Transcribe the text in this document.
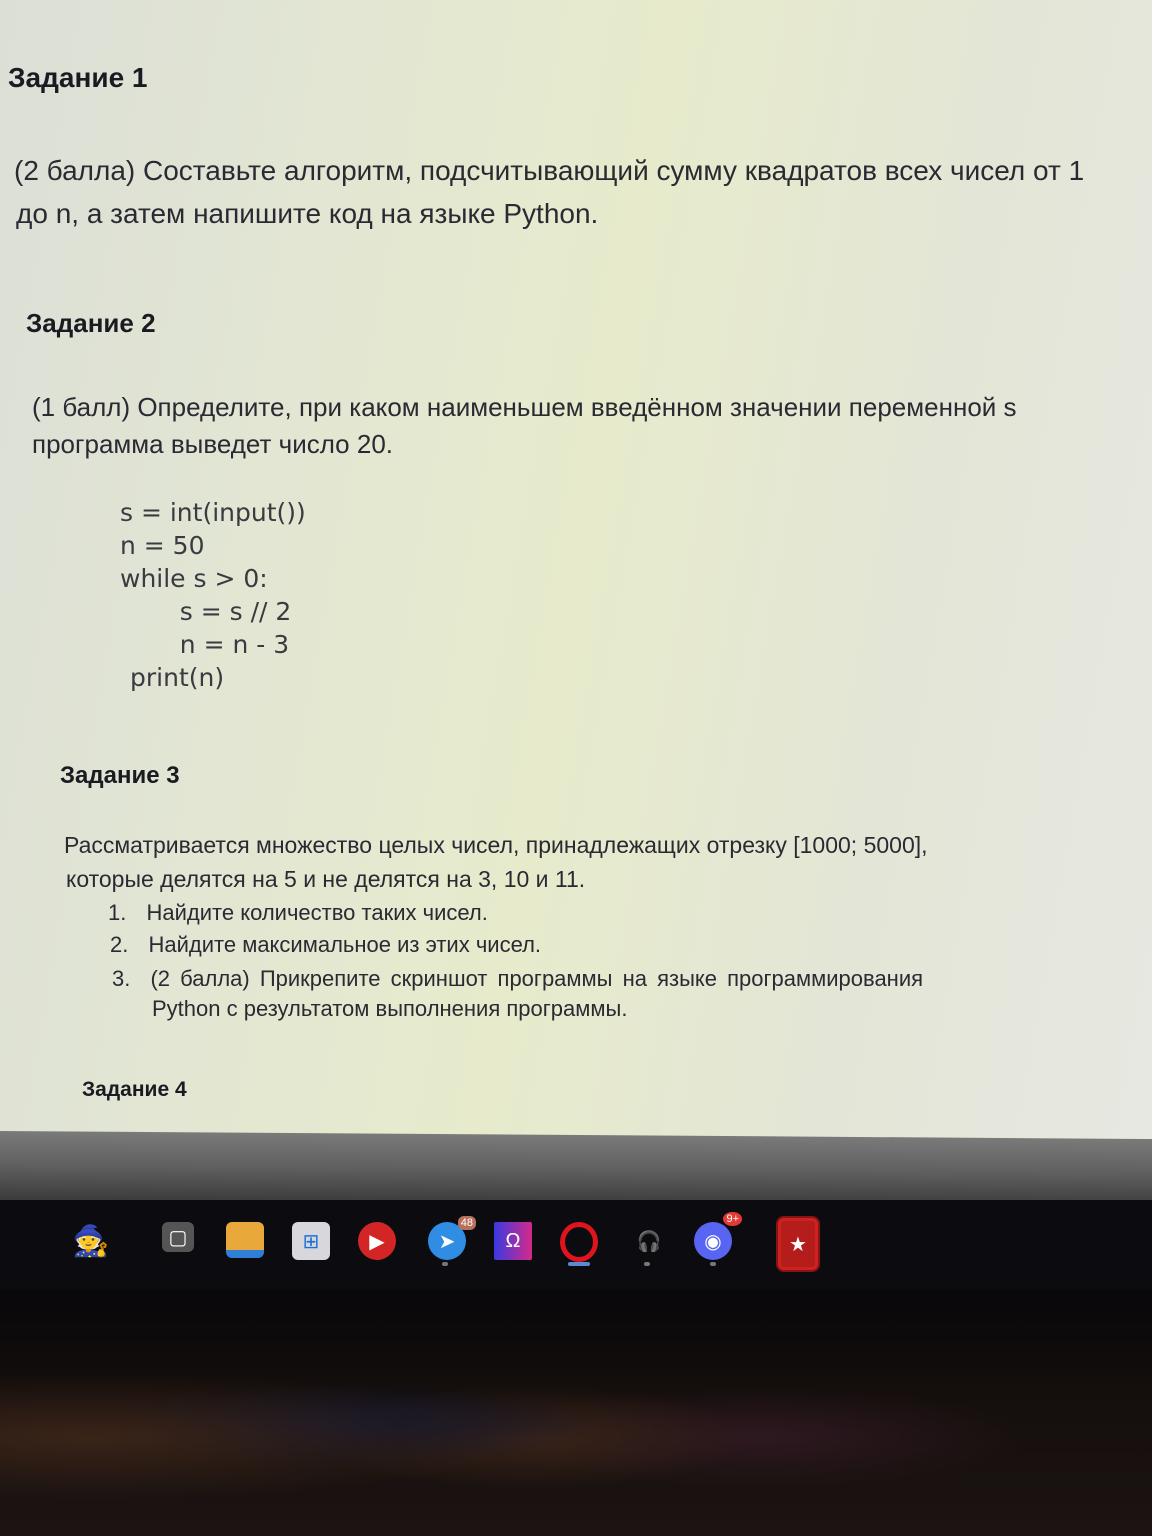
Задание 1
(2 балла) Составьте алгоритм, подсчитывающий сумму квадратов всех чисел от 1
до n, а затем напишите код на языке Python.
Задание 2
(1 балл) Определите, при каком наименьшем введённом значении переменной s
программа выведет число 20.
s = int(input())
n = 50
while s > 0:
s = s // 2
n = n - 3
print(n)
Задание 3
Рассматривается множество целых чисел, принадлежащих отрезку [1000; 5000],
которые делятся на 5 и не делятся на 3, 10 и 11.
1. Найдите количество таких чисел.
2. Найдите максимальное из этих чисел.
3. (2 балла) Прикрепите скриншот программы на языке программирования
Python с результатом выполнения программы.
Задание 4
🧙	▢	⊞ ▶	➤
48
Ω	🎧 ◉
9+
★
